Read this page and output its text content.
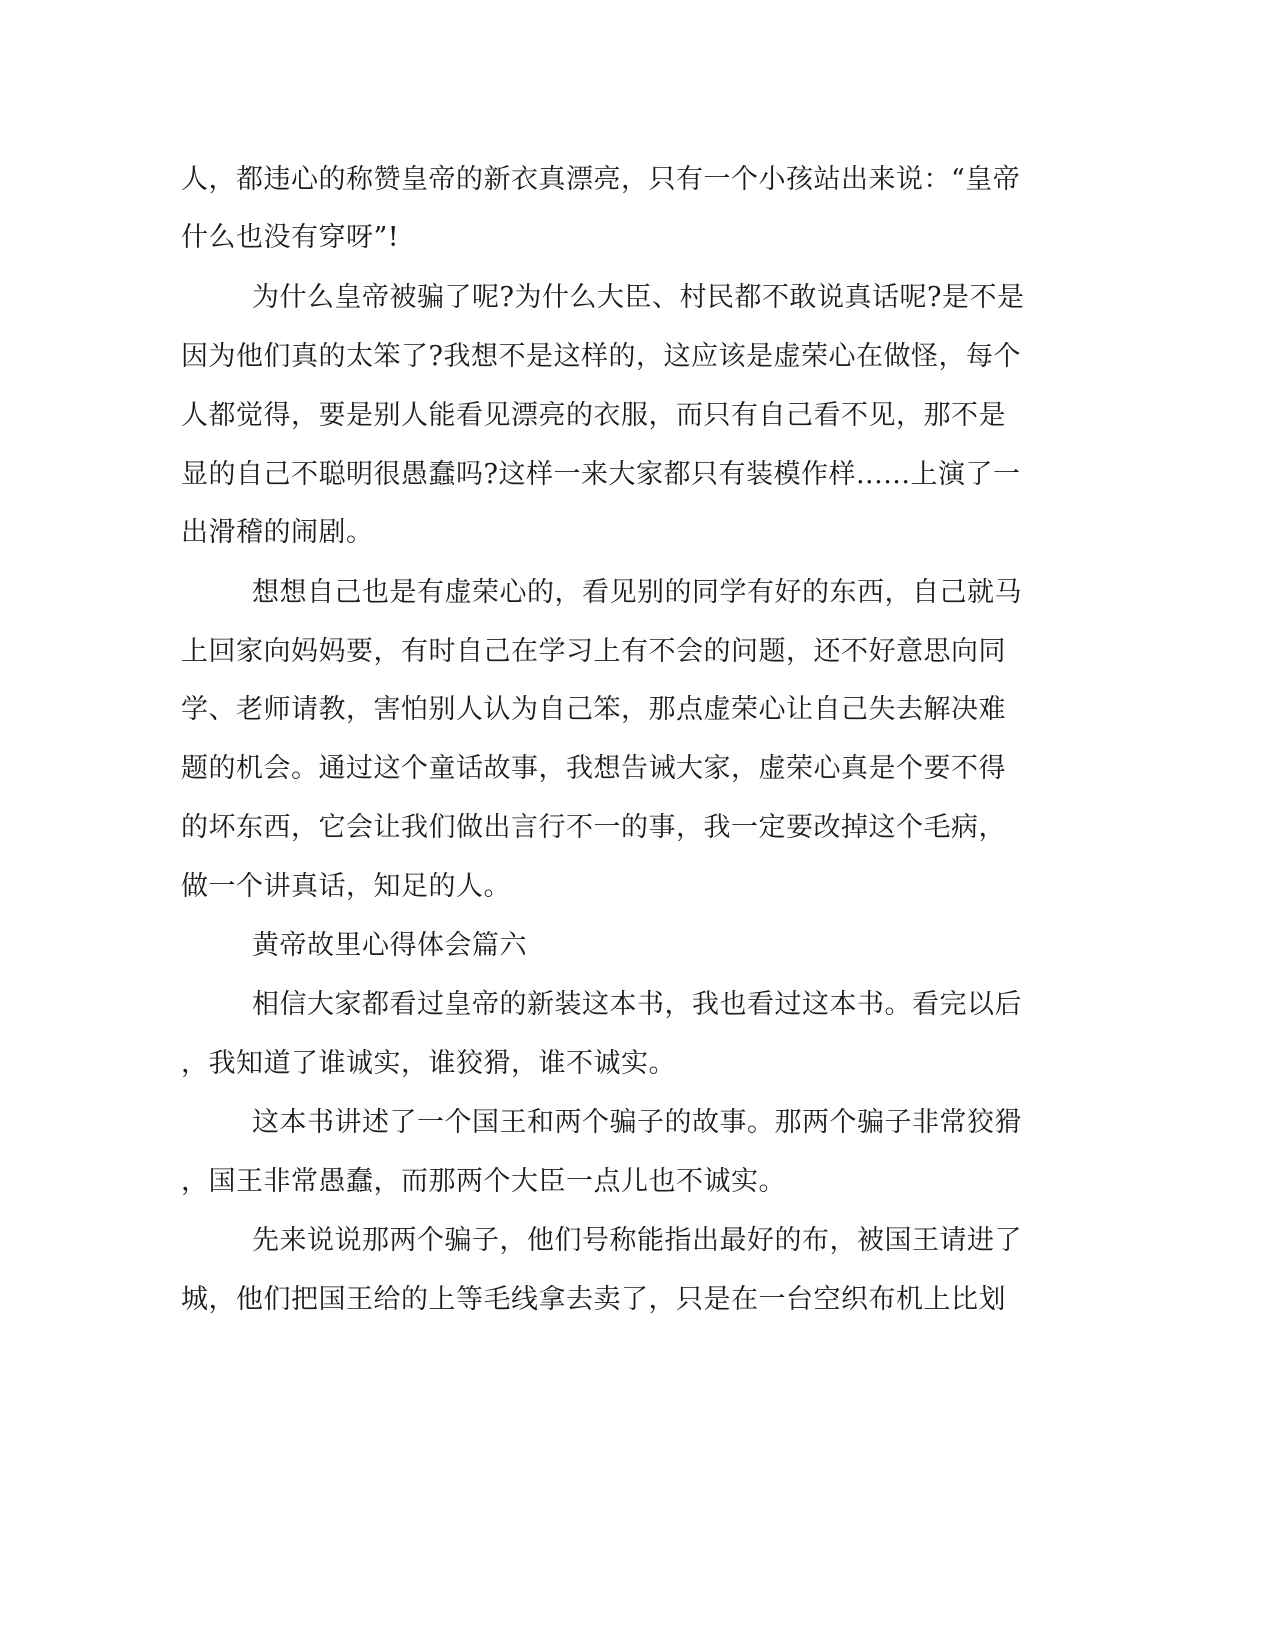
人，都违心的称赞皇帝的新衣真漂亮，只有一个小孩站出来说：“皇帝
什么也没有穿呀”!
为什么皇帝被骗了呢?为什么大臣、村民都不敢说真话呢?是不是
因为他们真的太笨了?我想不是这样的，这应该是虚荣心在做怪，每个
人都觉得，要是别人能看见漂亮的衣服，而只有自己看不见，那不是
显的自己不聪明很愚蠢吗?这样一来大家都只有装模作样......上演了一
出滑稽的闹剧。
想想自己也是有虚荣心的，看见别的同学有好的东西，自己就马
上回家向妈妈要，有时自己在学习上有不会的问题，还不好意思向同
学、老师请教，害怕别人认为自己笨，那点虚荣心让自己失去解决难
题的机会。通过这个童话故事，我想告诫大家，虚荣心真是个要不得
的坏东西，它会让我们做出言行不一的事，我一定要改掉这个毛病，
做一个讲真话，知足的人。
黄帝故里心得体会篇六
相信大家都看过皇帝的新装这本书，我也看过这本书。看完以后
，我知道了谁诚实，谁狡猾，谁不诚实。
这本书讲述了一个国王和两个骗子的故事。那两个骗子非常狡猾
，国王非常愚蠢，而那两个大臣一点儿也不诚实。
先来说说那两个骗子，他们号称能指出最好的布，被国王请进了
城，他们把国王给的上等毛线拿去卖了，只是在一台空织布机上比划
